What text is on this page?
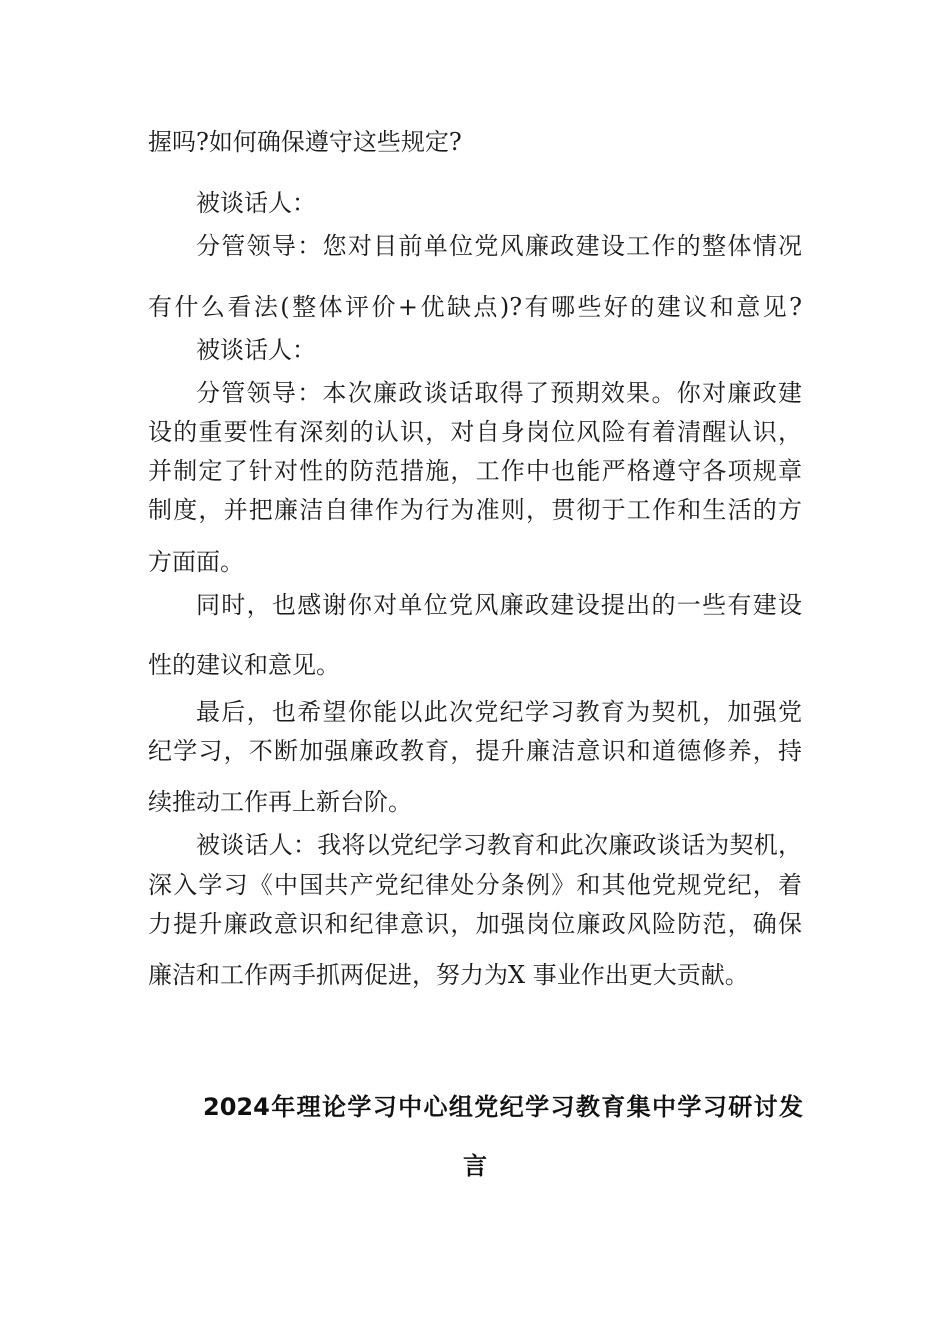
握吗?如何确保遵守这些规定?
被谈话人：
分管领导：您对目前单位党风廉政建设工作的整体情况
有什么看法(整体评价+优缺点)?有哪些好的建议和意见?
被谈话人：
分管领导：本次廉政谈话取得了预期效果。你对廉政建
设的重要性有深刻的认识，对自身岗位风险有着清醒认识，
并制定了针对性的防范措施，工作中也能严格遵守各项规章
制度，并把廉洁自律作为行为准则，贯彻于工作和生活的方
方面面。
同时，也感谢你对单位党风廉政建设提出的一些有建设
性的建议和意见。
最后，也希望你能以此次党纪学习教育为契机，加强党
纪学习，不断加强廉政教育，提升廉洁意识和道德修养，持
续推动工作再上新台阶。
被谈话人：我将以党纪学习教育和此次廉政谈话为契机，
深入学习《中国共产党纪律处分条例》和其他党规党纪，着
力提升廉政意识和纪律意识，加强岗位廉政风险防范，确保
廉洁和工作两手抓两促进，努力为X 事业作出更大贡献。
2024年理论学习中心组党纪学习教育集中学习研讨发
言
